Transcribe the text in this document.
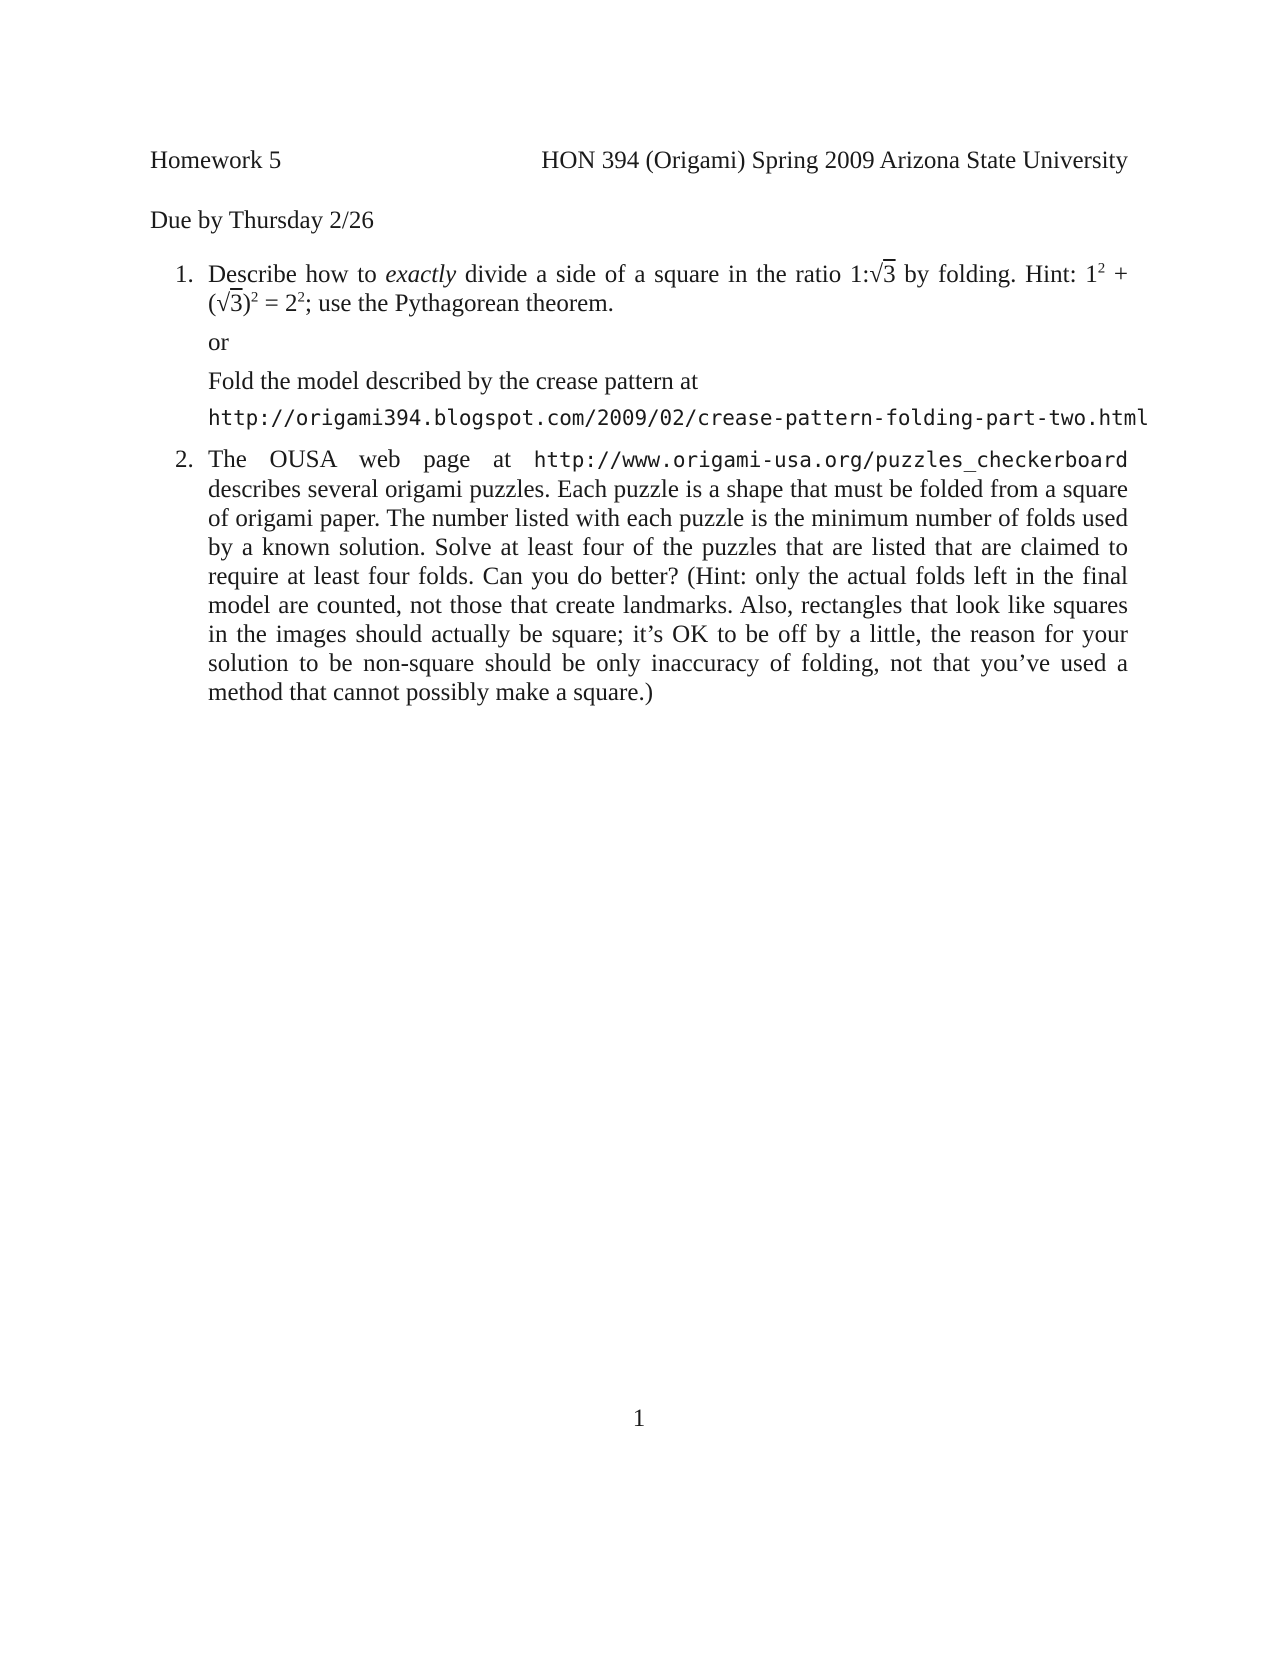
Homework 5	HON 394 (Origami) Spring 2009 Arizona State University
Due by Thursday 2/26
1. Describe how to exactly divide a side of a square in the ratio 1:√3 by folding. Hint: $1^2 + (√3)^2 = 2^2$; use the Pythagorean theorem.
or
Fold the model described by the crease pattern at
http://origami394.blogspot.com/2009/02/crease-pattern-folding-part-two.html
2. The OUSA web page at http://www.origami-usa.org/puzzles_checkerboard describes several origami puzzles. Each puzzle is a shape that must be folded from a square of origami paper. The number listed with each puzzle is the minimum number of folds used by a known solution. Solve at least four of the puzzles that are listed that are claimed to require at least four folds. Can you do better? (Hint: only the actual folds left in the final model are counted, not those that create landmarks. Also, rectangles that look like squares in the images should actually be square; it’s OK to be off by a little, the reason for your solution to be non-square should be only inaccuracy of folding, not that you’ve used a method that cannot possibly make a square.)
1
